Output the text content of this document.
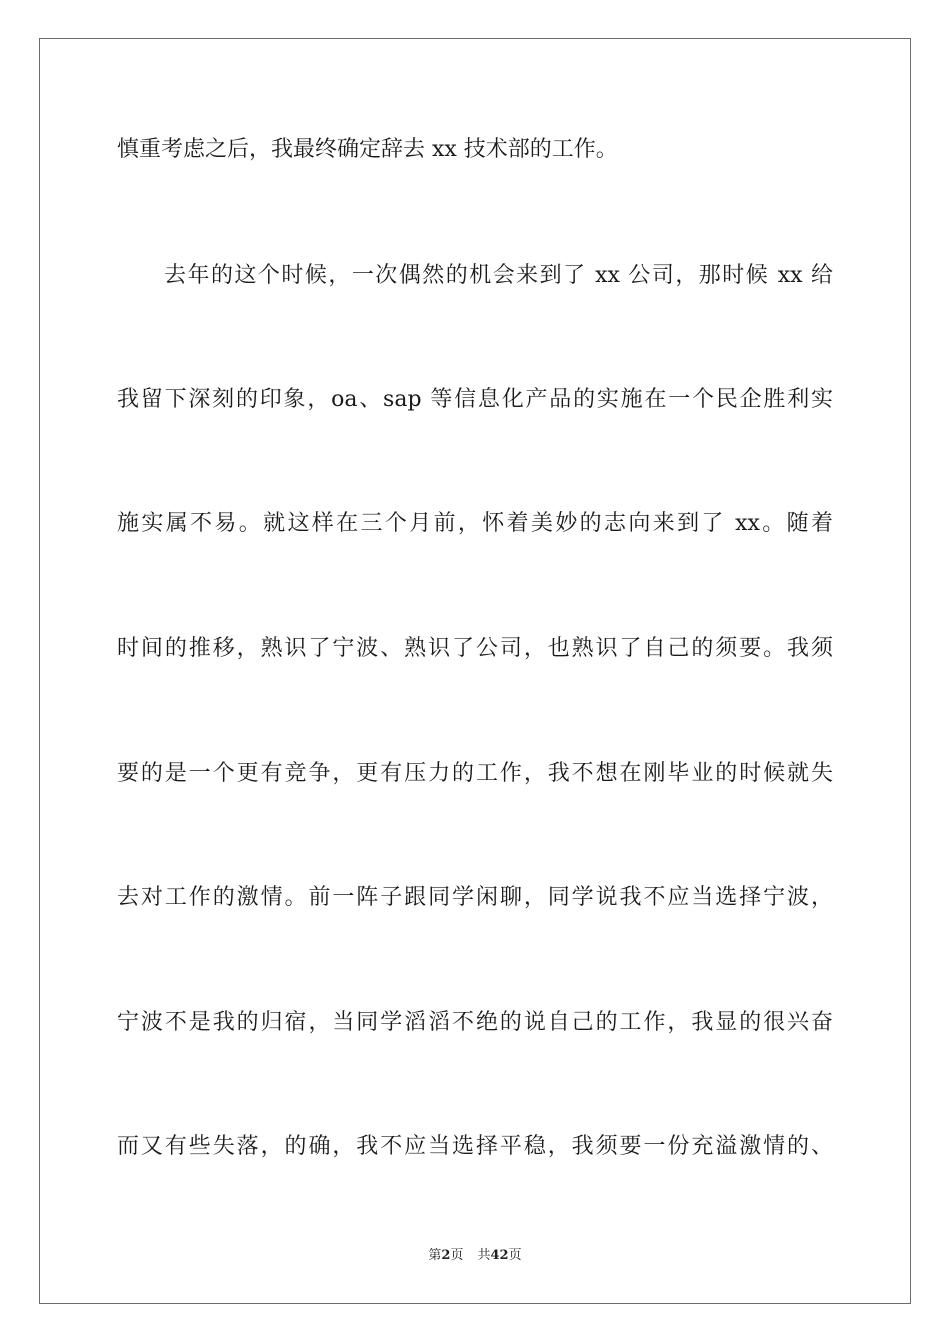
慎重考虑之后，我最终确定辞去 xx 技术部的工作。
去年的这个时候，一次偶然的机会来到了 xx 公司，那时候 xx 给
我留下深刻的印象，oa、sap 等信息化产品的实施在一个民企胜利实
施实属不易。就这样在三个月前，怀着美妙的志向来到了 xx。随着
时间的推移，熟识了宁波、熟识了公司，也熟识了自己的须要。我须
要的是一个更有竞争，更有压力的工作，我不想在刚毕业的时候就失
去对工作的激情。前一阵子跟同学闲聊，同学说我不应当选择宁波，
宁波不是我的归宿，当同学滔滔不绝的说自己的工作，我显的很兴奋
而又有些失落，的确，我不应当选择平稳，我须要一份充溢激情的、
第2页 共42页
